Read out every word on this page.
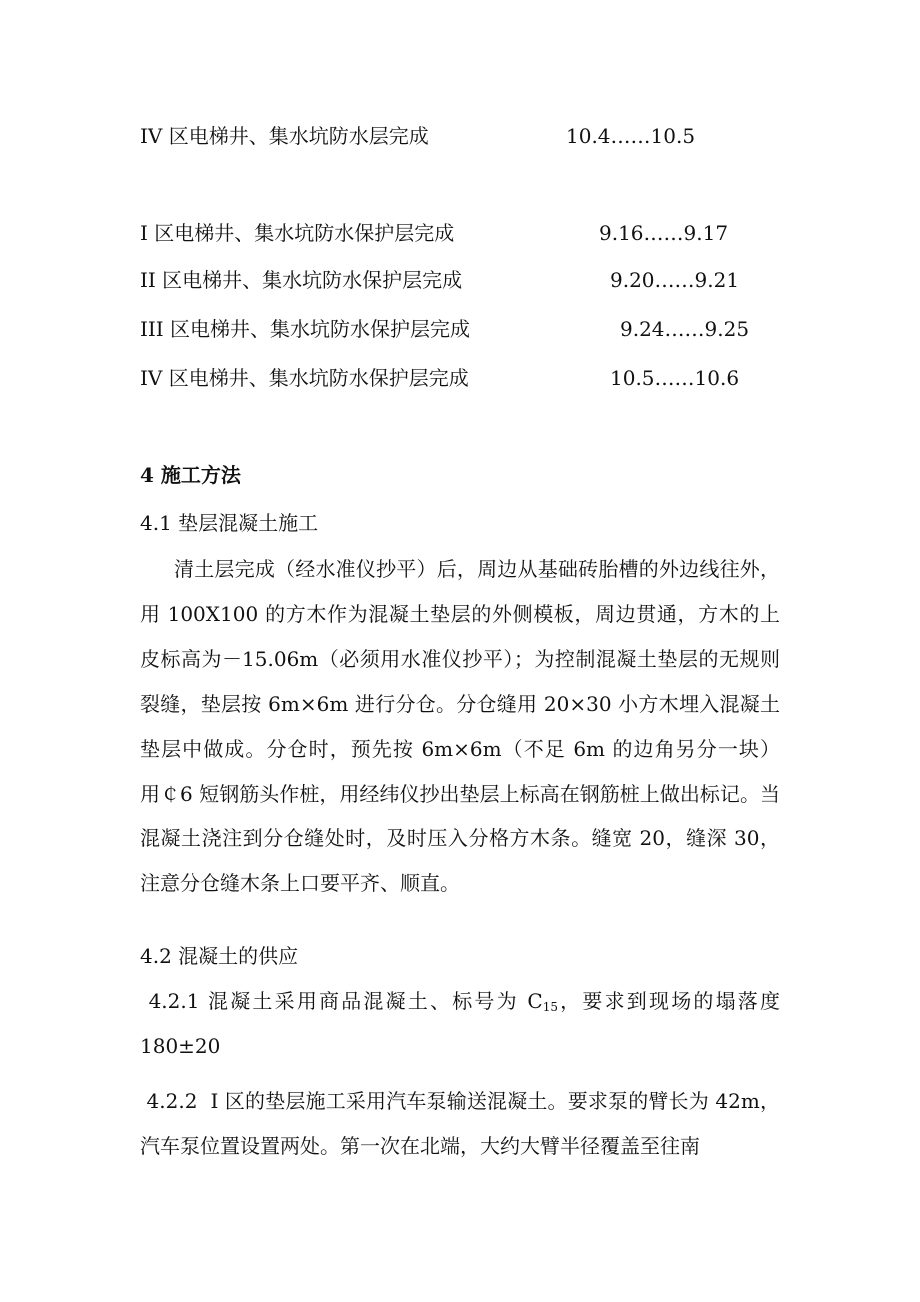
IV 区电梯井、集水坑防水层完成	10.4……10.5
I 区电梯井、集水坑防水保护层完成	9.16……9.17
II 区电梯井、集水坑防水保护层完成	9.20……9.21
III 区电梯井、集水坑防水保护层完成	9.24……9.25
IV 区电梯井、集水坑防水保护层完成	10.5……10.6
4 施工方法
4.1 垫层混凝土施工

清土层完成（经水准仪抄平）后，周边从基础砖胎槽的外边线往外，用 100X100 的方木作为混凝土垫层的外侧模板，周边贯通，方木的上皮标高为－15.06m（必须用水准仪抄平）；为控制混凝土垫层的无规则裂缝，垫层按 6m×6m 进行分仓。分仓缝用 20×30 小方木埋入混凝土垫层中做成。分仓时，预先按 6m×6m（不足 6m 的边角另分一块）用￠6 短钢筋头作桩，用经纬仪抄出垫层上标高在钢筋桩上做出标记。当混凝土浇注到分仓缝处时，及时压入分格方木条。缝宽 20，缝深 30，注意分仓缝木条上口要平齐、顺直。

4.2 混凝土的供应

4.2.1 混凝土采用商品混凝土、标号为 $C_{15}$，要求到现场的塌落度 180±20

4.2.2  I 区的垫层施工采用汽车泵输送混凝土。要求泵的臂长为 42m，汽车泵位置设置两处。第一次在北端，大约大臂半径覆盖至往南
